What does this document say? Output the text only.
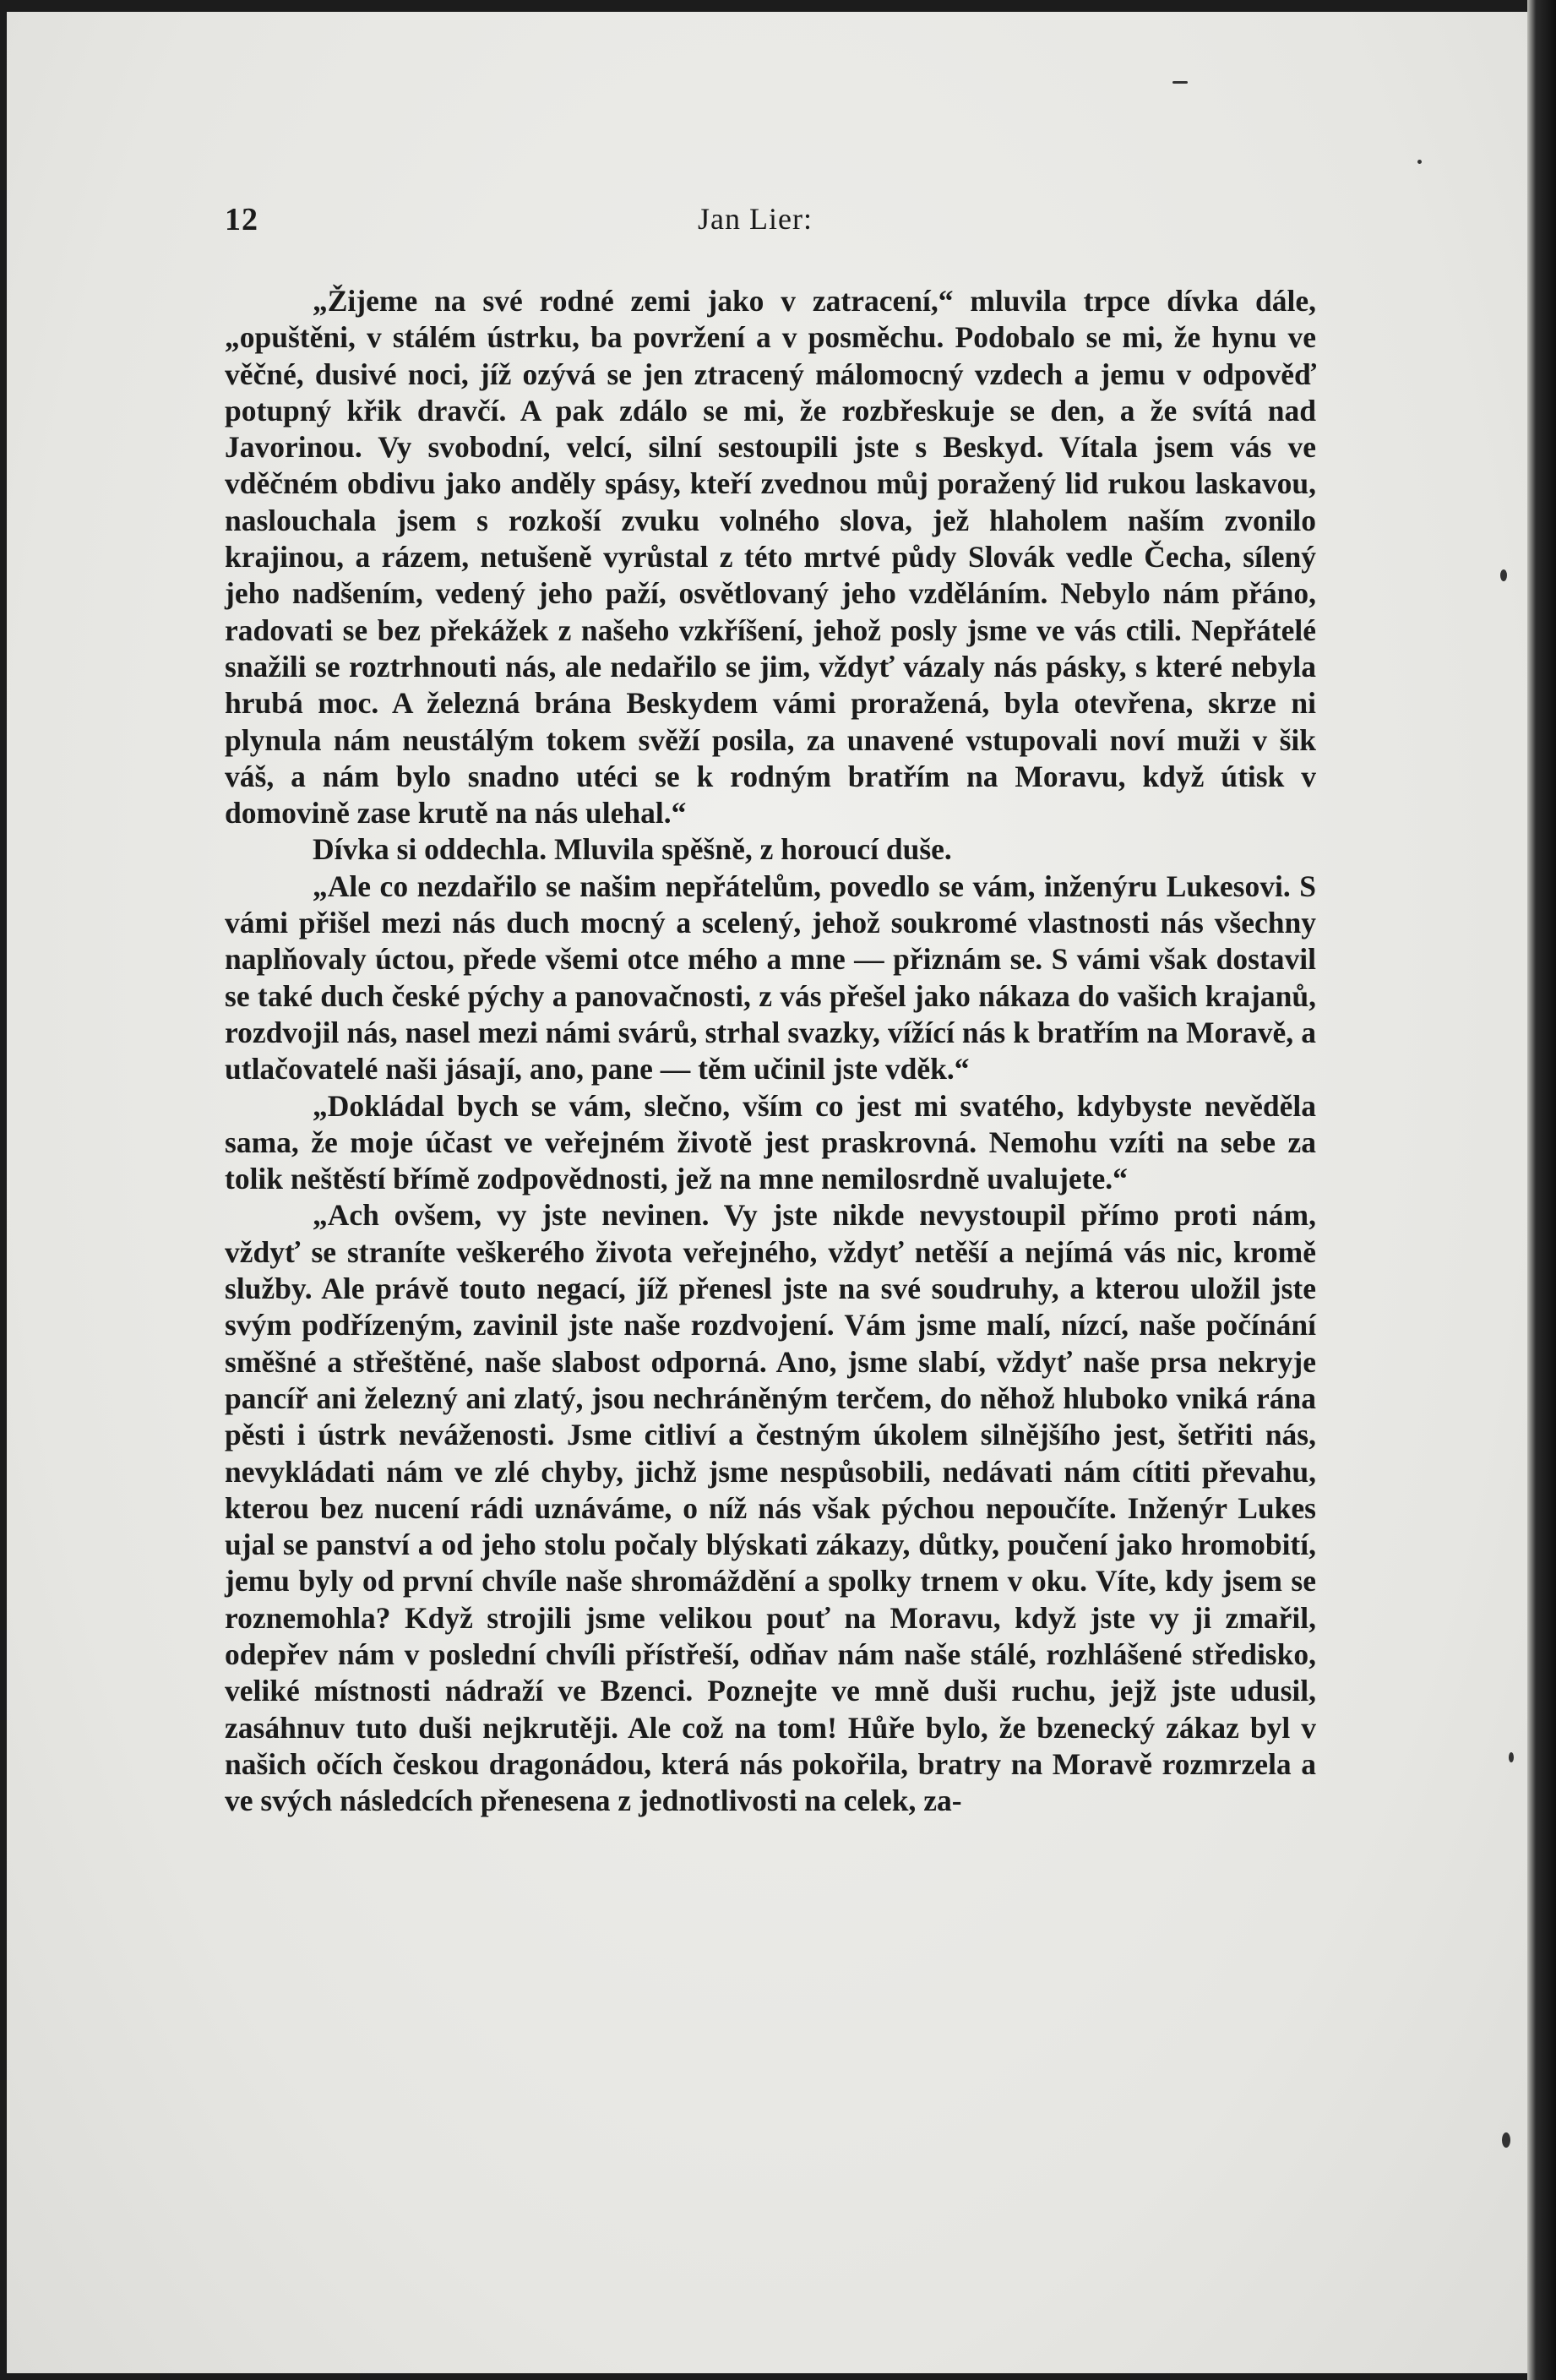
12	Jan Lier:

„Žijeme na své rodné zemi jako v zatracení,“ mluvila trpce dívka dále, „opuštěni, v stálém ústrku, ba povržení a v posměchu. Podobalo se mi, že hynu ve věčné, dusivé noci, jíž ozývá se jen ztracený málomocný vzdech a jemu v odpověď potupný křik dravčí. A pak zdálo se mi, že rozbřeskuje se den, a že svítá nad Javorinou. Vy svobodní, velcí, silní sestoupili jste s Beskyd. Vítala jsem vás ve vděčném obdivu jako anděly spásy, kteří zvednou můj poražený lid rukou laskavou, naslouchala jsem s rozkoší zvuku volného slova, jež hlaholem naším zvonilo krajinou, a rázem, netušeně vyrůstal z této mrtvé půdy Slovák vedle Čecha, sílený jeho nadšením, vedený jeho paží, osvětlovaný jeho vzděláním. Nebylo nám přáno, radovati se bez překážek z našeho vzkříšení, jehož posly jsme ve vás ctili. Nepřátelé snažili se roztrhnouti nás, ale nedařilo se jim, vždyť vázaly nás pásky, s které nebyla hrubá moc. A železná brána Beskydem vámi proražená, byla otevřena, skrze ni plynula nám neustálým tokem svěží posila, za unavené vstupovali noví muži v šik váš, a nám bylo snadno utéci se k rodným bratřím na Moravu, když útisk v domovině zase krutě na nás ulehal.“

Dívka si oddechla. Mluvila spěšně, z horoucí duše.

„Ale co nezdařilo se našim nepřátelům, povedlo se vám, inženýru Lukesovi. S vámi přišel mezi nás duch mocný a scelený, jehož soukromé vlastnosti nás všechny naplňovaly úctou, přede všemi otce mého a mne — přiznám se. S vámi však dostavil se také duch české pýchy a panovačnosti, z vás přešel jako nákaza do vašich krajanů, rozdvojil nás, nasel mezi námi svárů, strhal svazky, vížící nás k bratřím na Moravě, a utlačovatelé naši jásají, ano, pane — těm učinil jste vděk.“

„Dokládal bych se vám, slečno, vším co jest mi svatého, kdybyste nevěděla sama, že moje účast ve veřejném životě jest praskrovná. Nemohu vzíti na sebe za tolik neštěstí břímě zodpovědnosti, jež na mne nemilosrdně uvalujete.“

„Ach ovšem, vy jste nevinen. Vy jste nikde nevystoupil přímo proti nám, vždyť se straníte veškerého života veřejného, vždyť netěší a nejímá vás nic, kromě služby. Ale právě touto negací, jíž přenesl jste na své soudruhy, a kterou uložil jste svým podřízeným, zavinil jste naše rozdvojení. Vám jsme malí, nízcí, naše počínání směšné a střeštěné, naše slabost odporná. Ano, jsme slabí, vždyť naše prsa nekryje pancíř ani železný ani zlatý, jsou nechráněným terčem, do něhož hluboko vniká rána pěsti i ústrk neváženosti. Jsme citliví a čestným úkolem silnějšího jest, šetřiti nás, nevykládati nám ve zlé chyby, jichž jsme nespůsobili, nedávati nám cítiti převahu, kterou bez nucení rádi uznáváme, o níž nás však pýchou nepoučíte. Inženýr Lukes ujal se panství a od jeho stolu počaly blýskati zákazy, důtky, poučení jako hromobití, jemu byly od první chvíle naše shromáždění a spolky trnem v oku. Víte, kdy jsem se roznemohla? Když strojili jsme velikou pouť na Moravu, když jste vy ji zmařil, odepřev nám v poslední chvíli přístřeší, odňav nám naše stálé, rozhlášené středisko, veliké místnosti nádraží ve Bzenci. Poznejte ve mně duši ruchu, jejž jste udusil, zasáhnuv tuto duši nejkrutěji. Ale což na tom! Hůře bylo, že bzenecký zákaz byl v našich očích českou dragonádou, která nás pokořila, bratry na Moravě rozmrzela a ve svých následcích přenesena z jednotlivosti na celek, za-
